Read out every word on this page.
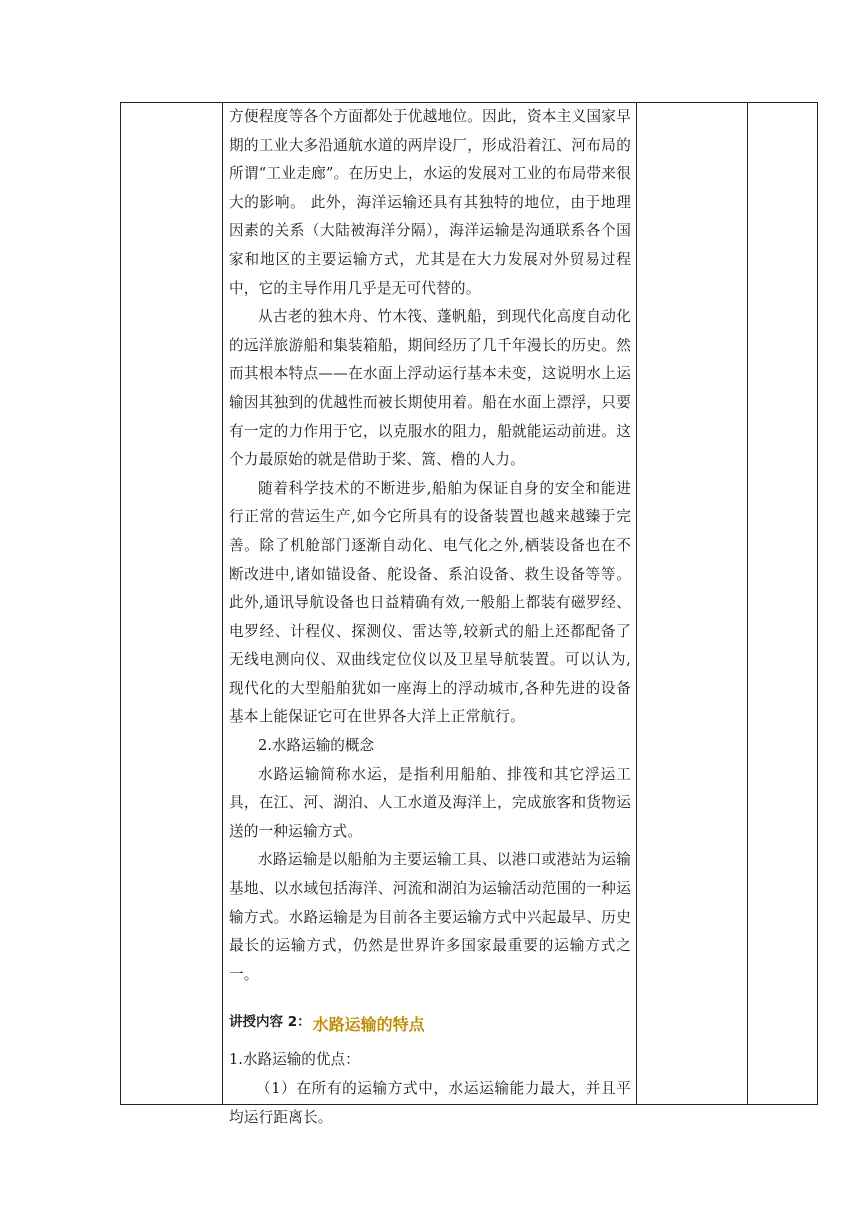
方便程度等各个方面都处于优越地位。因此，资本主义国家早期的工业大多沿通航水道的两岸设厂，形成沿着江、河布局的所谓“工业走廊”。在历史上，水运的发展对工业的布局带来很大的影响。 此外，海洋运输还具有其独特的地位，由于地理因素的关系（大陆被海洋分隔），海洋运输是沟通联系各个国家和地区的主要运输方式，尤其是在大力发展对外贸易过程中，它的主导作用几乎是无可代替的。

从古老的独木舟、竹木筏、蓬帆船，到现代化高度自动化的远洋旅游船和集装箱船，期间经历了几千年漫长的历史。然而其根本特点——在水面上浮动运行基本未变，这说明水上运输因其独到的优越性而被长期使用着。船在水面上漂浮，只要有一定的力作用于它，以克服水的阻力，船就能运动前进。这个力最原始的就是借助于桨、篙、橹的人力。

随着科学技术的不断进步,船舶为保证自身的安全和能进行正常的营运生产,如今它所具有的设备装置也越来越臻于完善。除了机舱部门逐渐自动化、电气化之外,栖装设备也在不断改进中,诸如锚设备、舵设备、系泊设备、救生设备等等。此外,通讯导航设备也日益精确有效,一般船上都装有磁罗经、电罗经、计程仪、探测仪、雷达等,较新式的船上还都配备了无线电测向仪、双曲线定位仪以及卫星导航装置。可以认为,现代化的大型船舶犹如一座海上的浮动城市,各种先进的设备基本上能保证它可在世界各大洋上正常航行。

2.水路运输的概念

水路运输简称水运，是指利用船舶、排筏和其它浮运工具，在江、河、湖泊、人工水道及海洋上，完成旅客和货物运送的一种运输方式。

水路运输是以船舶为主要运输工具、以港口或港站为运输基地、以水域包括海洋、河流和湖泊为运输活动范围的一种运输方式。水路运输是为目前各主要运输方式中兴起最早、历史最长的运输方式，仍然是世界许多国家最重要的运输方式之一。

讲授内容 2： 水路运输的特点

1.水路运输的优点：

（1）在所有的运输方式中，水运运输能力最大，并且平均运行距离长。
